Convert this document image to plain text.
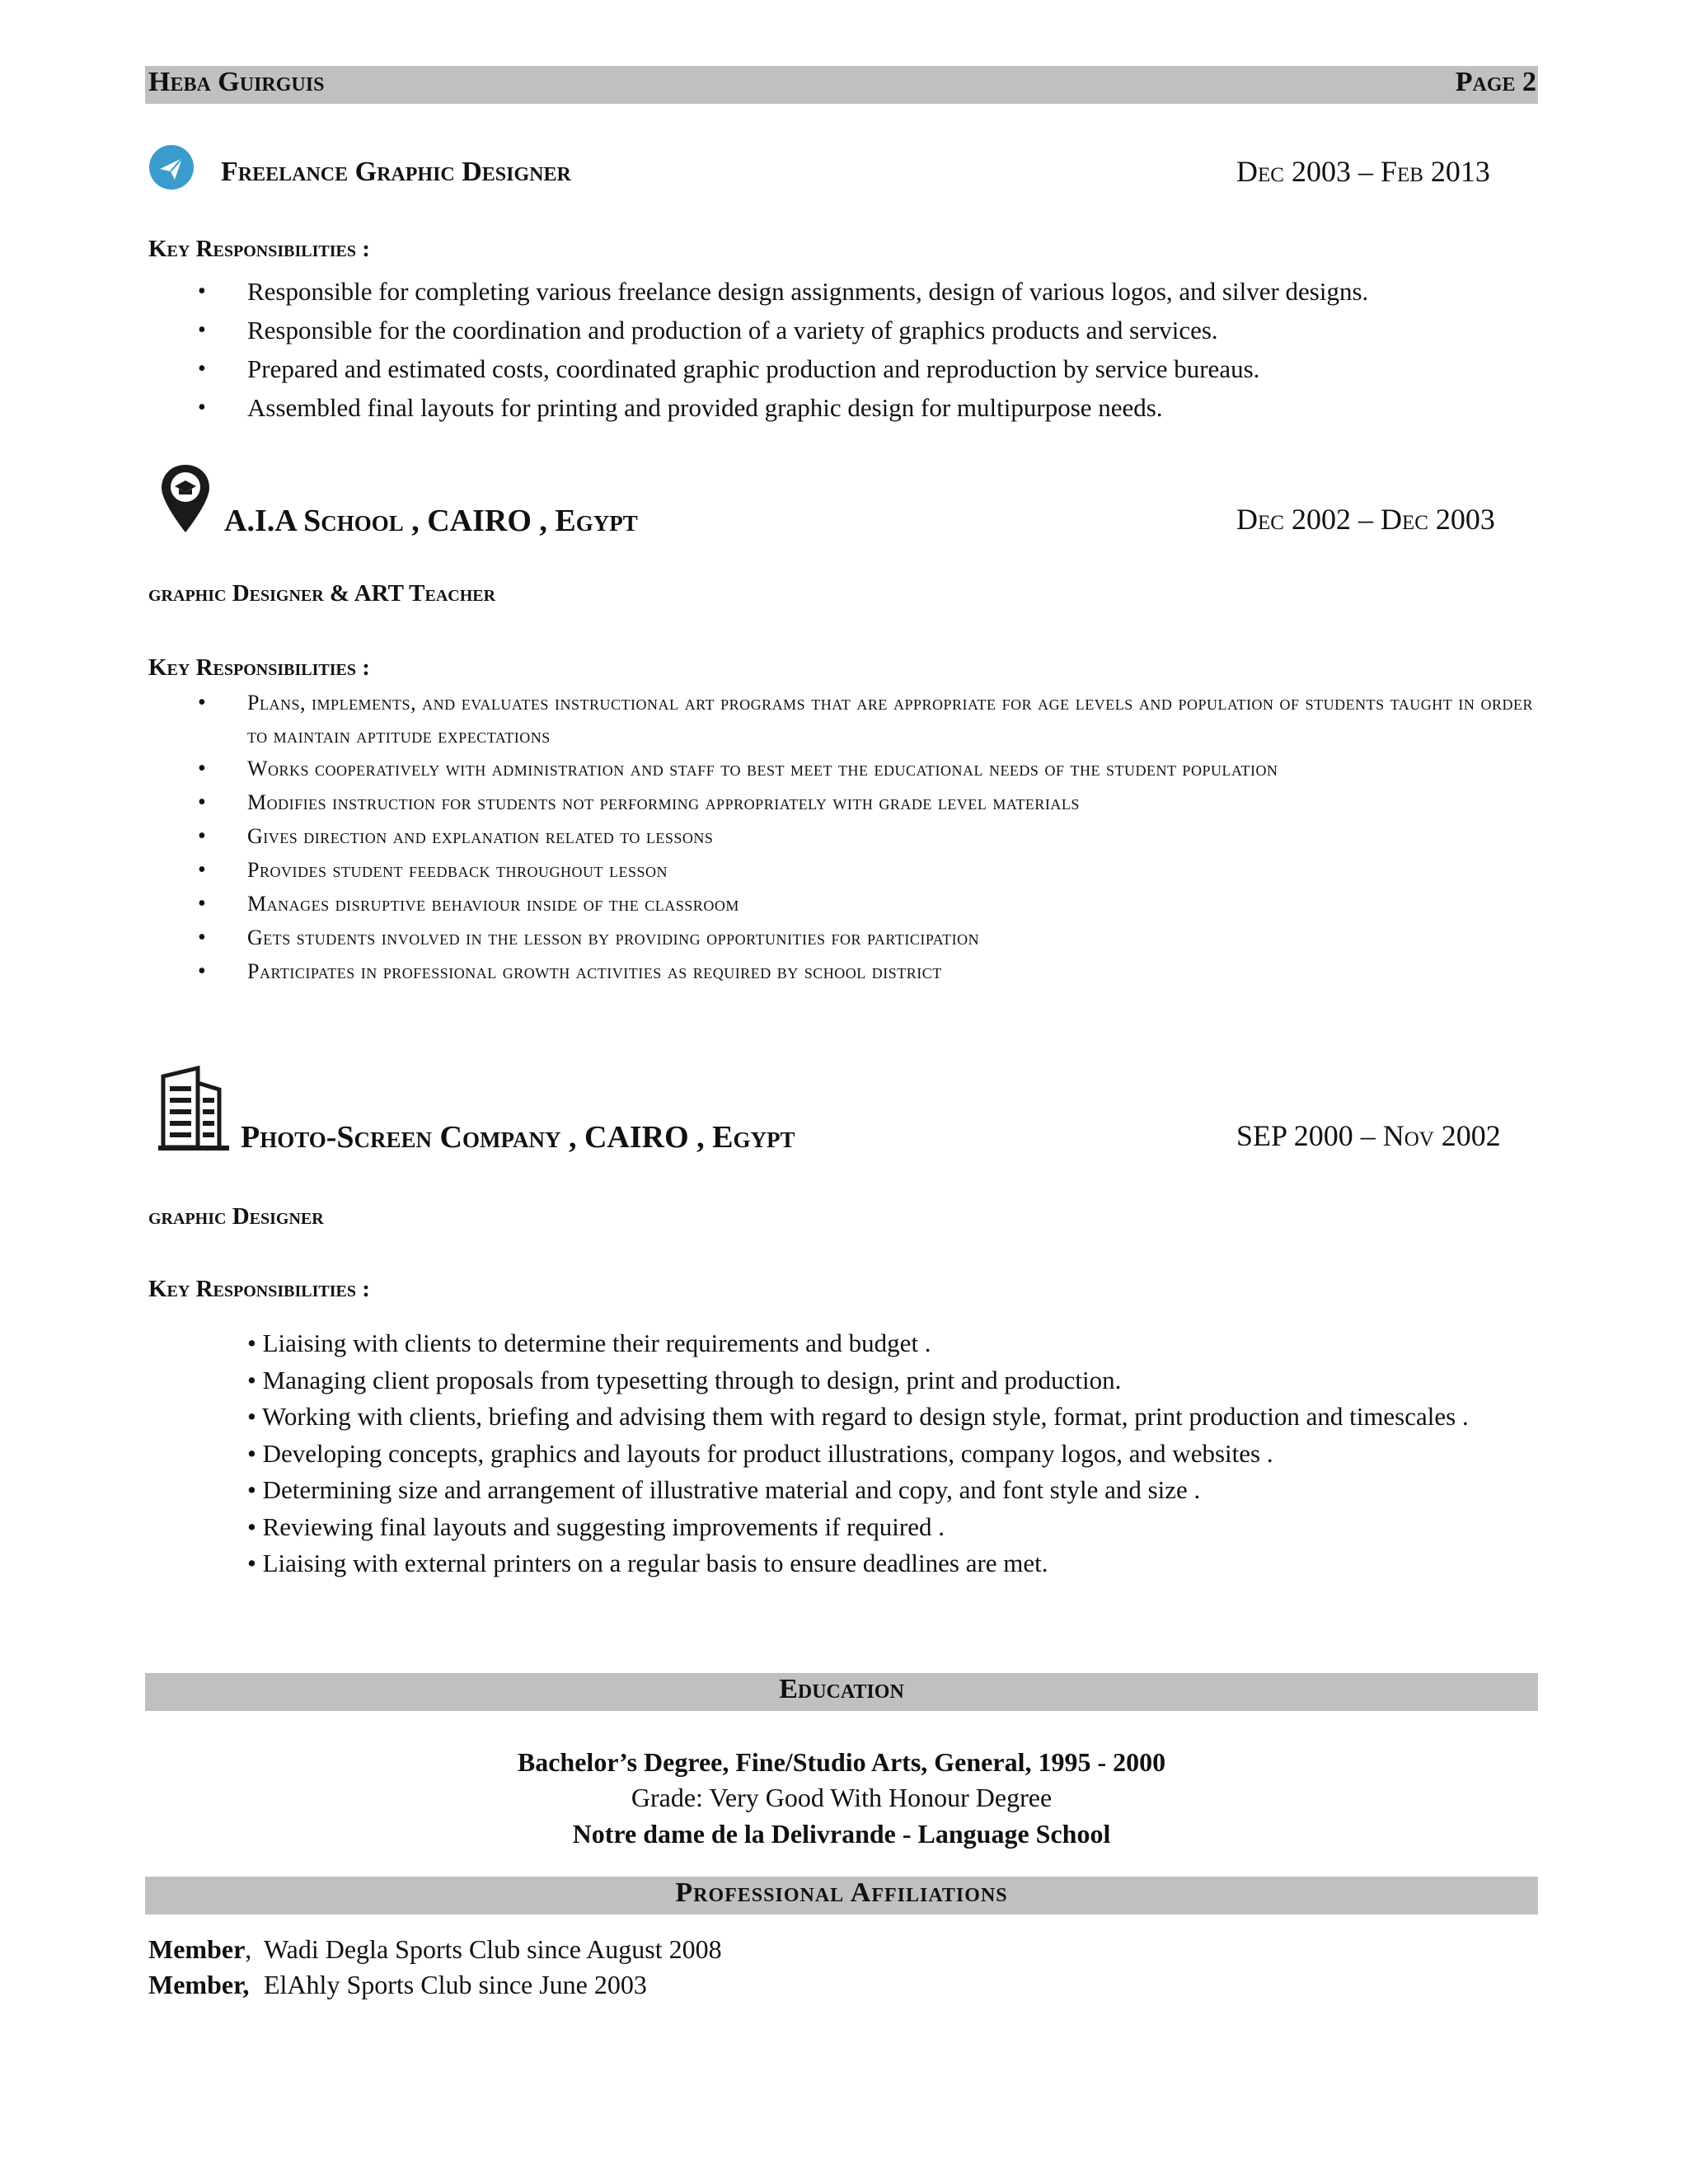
Heba Guirguis	Page 2
Freelance Graphic Designer	Dec 2003 – Feb 2013
Key Responsibilities :
• Responsible for completing various freelance design assignments, design of various logos, and silver designs.
• Responsible for the coordination and production of a variety of graphics products and services.
• Prepared and estimated costs, coordinated graphic production and reproduction by service bureaus.
• Assembled final layouts for printing and provided graphic design for multipurpose needs.
A.I.A School , CAIRO , Egypt	Dec 2002 – Dec 2003
graphic Designer & ART Teacher
Key Responsibilities :
• Plans, implements, and evaluates instructional art programs that are appropriate for age levels and population of students taught in order to maintain aptitude expectations
• Works cooperatively with administration and staff to best meet the educational needs of the student population
• Modifies instruction for students not performing appropriately with grade level materials
• Gives direction and explanation related to lessons
• Provides student feedback throughout lesson
• Manages disruptive behaviour inside of the classroom
• Gets students involved in the lesson by providing opportunities for participation
• Participates in professional growth activities as required by school district
Photo-Screen Company , CAIRO , Egypt	SEP 2000 – Nov 2002
graphic Designer
Key Responsibilities :
• Liaising with clients to determine their requirements and budget .
• Managing client proposals from typesetting through to design, print and production.
• Working with clients, briefing and advising them with regard to design style, format, print production and timescales .
• Developing concepts, graphics and layouts for product illustrations, company logos, and websites .
• Determining size and arrangement of illustrative material and copy, and font style and size .
• Reviewing final layouts and suggesting improvements if required .
• Liaising with external printers on a regular basis to ensure deadlines are met.
Education
Bachelor’s Degree, Fine/Studio Arts, General, 1995 - 2000
Grade: Very Good With Honour Degree
Notre dame de la Delivrande - Language School
Professional Affiliations
Member, Wadi Degla Sports Club since August 2008
Member, ElAhly Sports Club since June 2003
